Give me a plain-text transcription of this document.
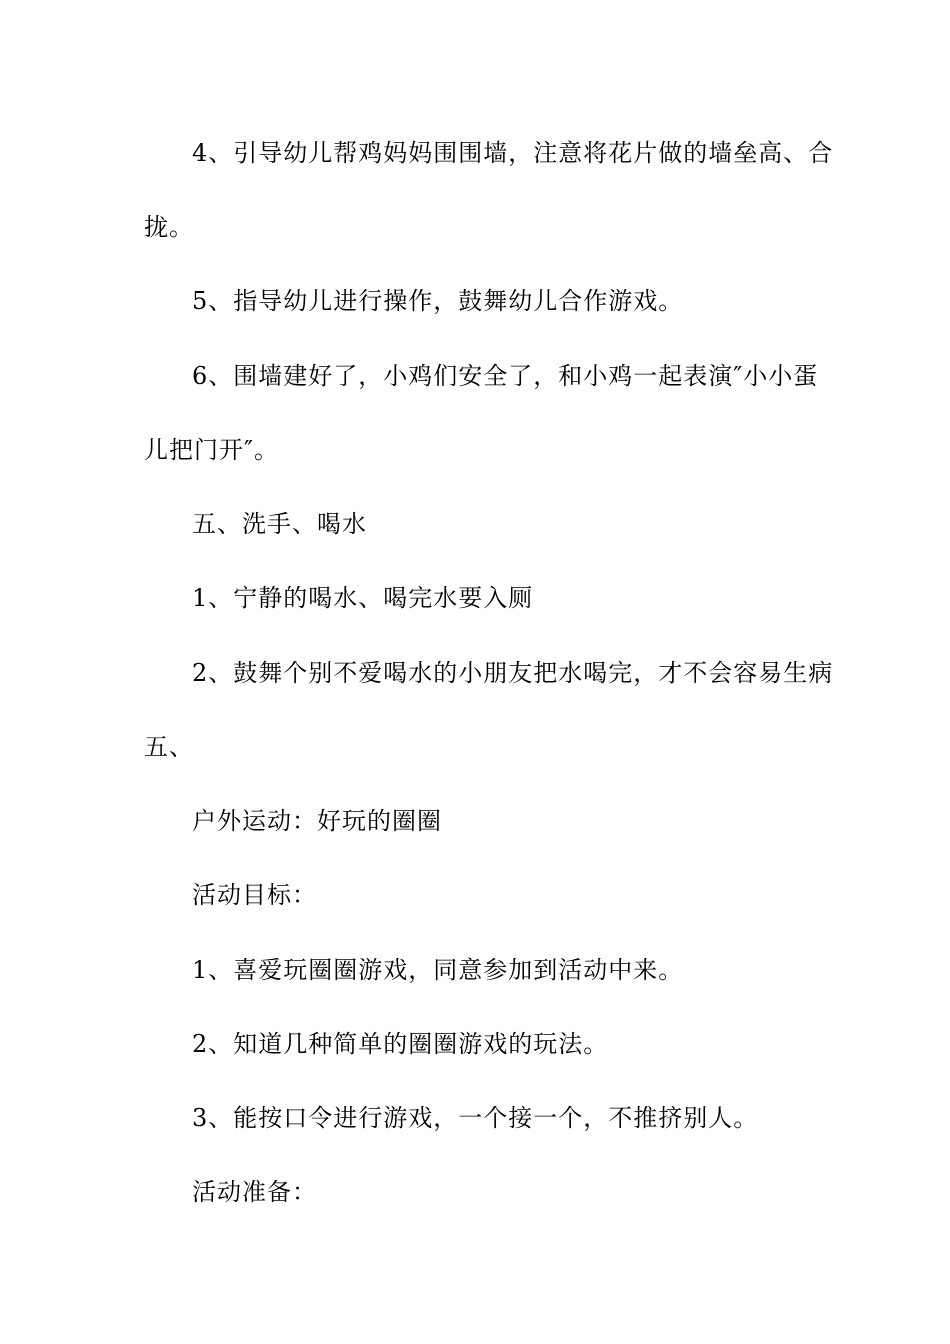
4、引导幼儿帮鸡妈妈围围墙，注意将花片做的墙垒高、合
拢。
5、指导幼儿进行操作，鼓舞幼儿合作游戏。
6、围墙建好了，小鸡们安全了，和小鸡一起表演″小小蛋
儿把门开″。
五、洗手、喝水
1、宁静的喝水、喝完水要入厕
2、鼓舞个别不爱喝水的小朋友把水喝完，才不会容易生病
五、
户外运动：好玩的圈圈
活动目标：
1、喜爱玩圈圈游戏，同意参加到活动中来。
2、知道几种简单的圈圈游戏的玩法。
3、能按口令进行游戏，一个接一个，不推挤别人。
活动准备：
